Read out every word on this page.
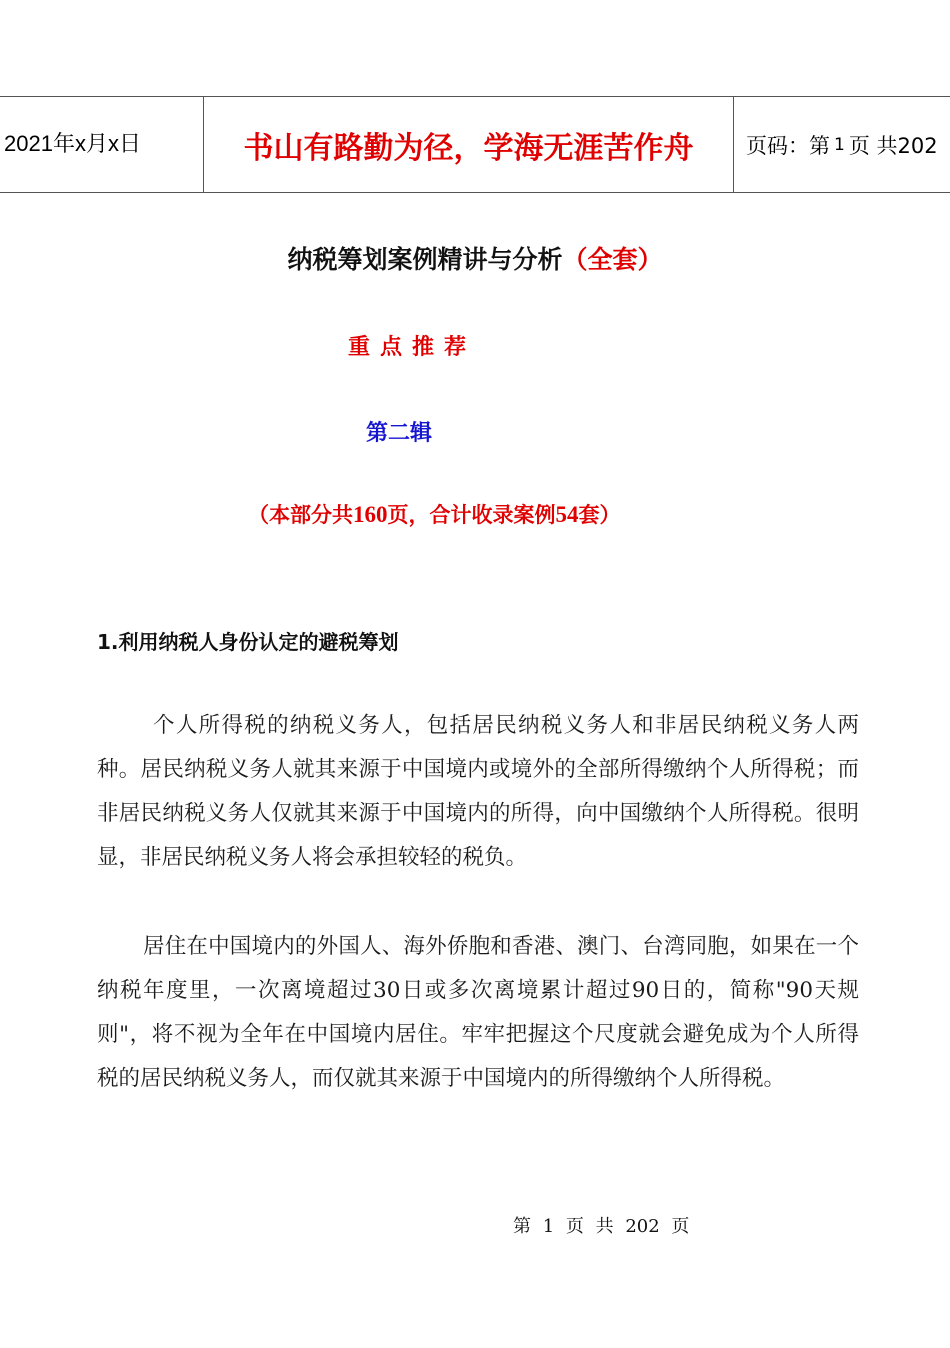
2021年x月x日	书山有路勤为径，学海无涯苦作舟	页码：第 1 页 共202
纳税筹划案例精讲与分析（全套）
重点推荐
第二辑
（本部分共160页，合计收录案例54套）
1.利用纳税人身份认定的避税筹划
个人所得税的纳税义务人，包括居民纳税义务人和非居民纳税义务人两种。居民纳税义务人就其来源于中国境内或境外的全部所得缴纳个人所得税；而非居民纳税义务人仅就其来源于中国境内的所得，向中国缴纳个人所得税。很明显，非居民纳税义务人将会承担较轻的税负。
居住在中国境内的外国人、海外侨胞和香港、澳门、台湾同胞，如果在一个纳税年度里，一次离境超过30日或多次离境累计超过90日的，简称"90天规则"，将不视为全年在中国境内居住。牢牢把握这个尺度就会避免成为个人所得税的居民纳税义务人，而仅就其来源于中国境内的所得缴纳个人所得税。
第 1 页 共 202 页
